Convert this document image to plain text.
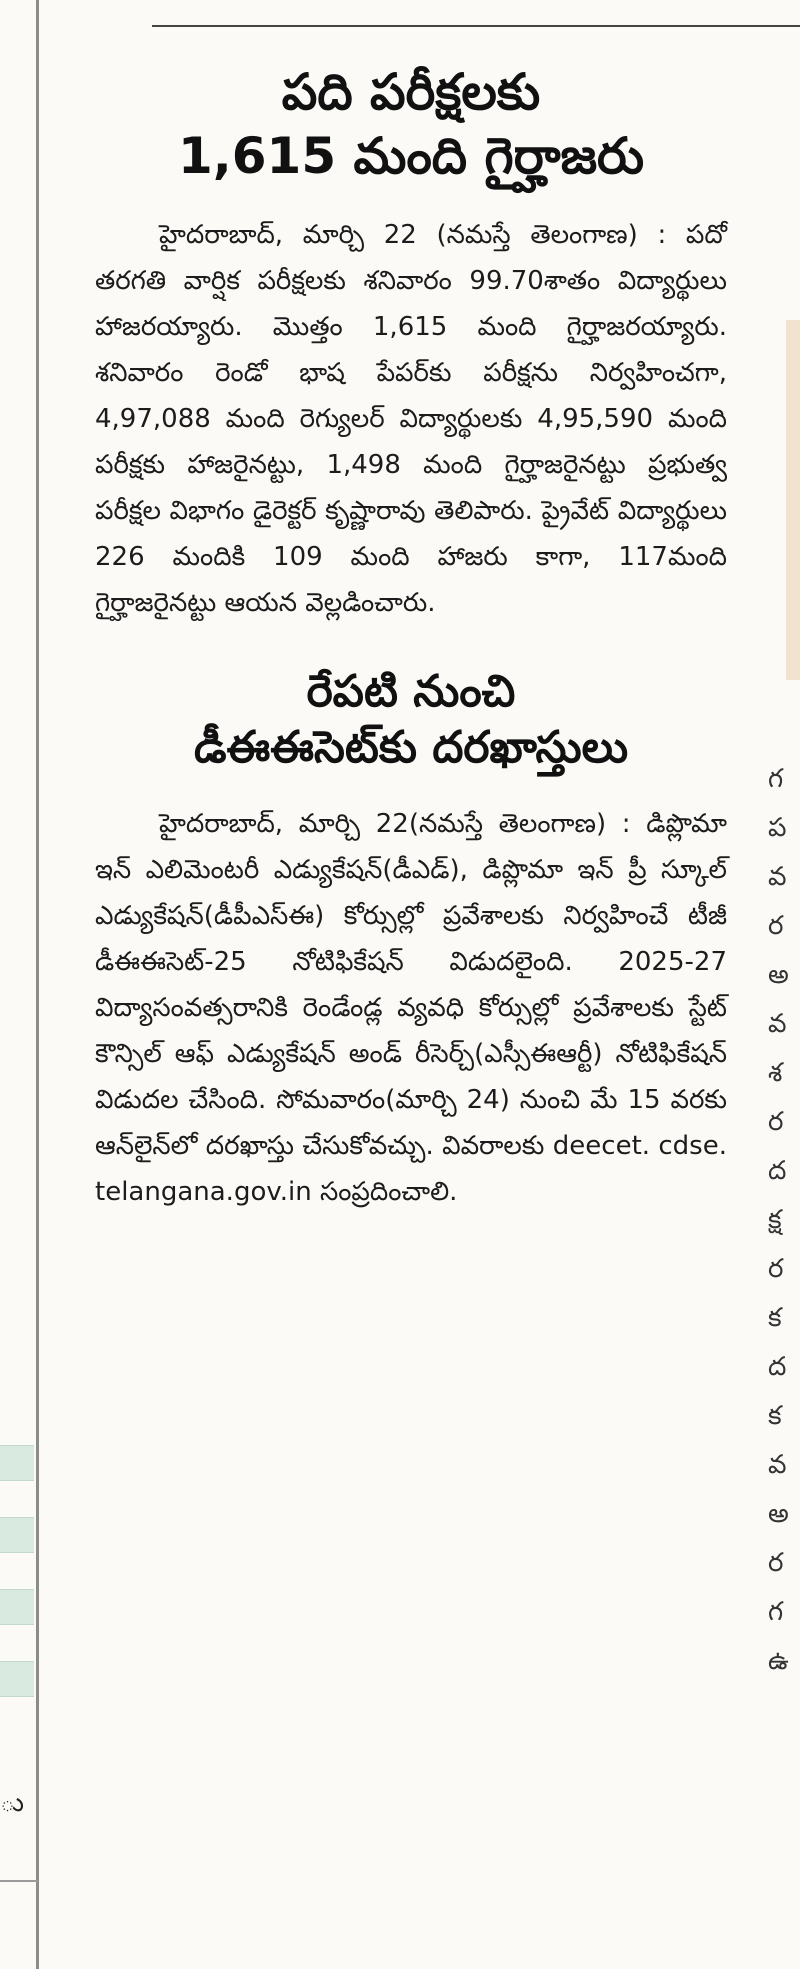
పది పరీక్షలకు
1,615 మంది గైర్హాజరు

హైదరాబాద్‌, మార్చి 22 (నమస్తే తెలంగాణ) : పదో తరగతి వార్షిక పరీక్షలకు శనివారం 99.70శాతం విద్యార్థులు హాజరయ్యారు. మొత్తం 1,615 మంది గైర్హాజరయ్యారు. శనివారం రెండో భాష పేపర్‌కు పరీక్షను నిర్వహించగా, 4,97,088 మంది రెగ్యులర్‌ విద్యార్థులకు 4,95,590 మంది పరీక్షకు హాజరైనట్టు, 1,498 మంది గైర్హాజరైనట్టు ప్రభుత్వ పరీక్షల విభాగం డైరెక్టర్‌ కృష్ణారావు తెలిపారు. ప్రైవేట్‌ విద్యార్థులు 226 మందికి 109 మంది హాజరు కాగా, 117మంది గైర్హాజరైనట్టు ఆయన వెల్లడించారు.

రేపటి నుంచి
డీఈఈసెట్‌కు దరఖాస్తులు

హైదరాబాద్‌, మార్చి 22(నమస్తే తెలంగాణ) : డిప్లొమా ఇన్‌ ఎలిమెంటరీ ఎడ్యుకేషన్‌(డీఎడ్‌), డిప్లొమా ఇన్‌ ప్రీ స్కూల్‌ ఎడ్యుకేషన్‌(డీపీఎస్‌ఈ) కోర్సుల్లో ప్రవేశాలకు నిర్వహించే టీజీ డీఈఈసెట్‌-25 నోటిఫికేషన్‌ విడుదలైంది. 2025-27 విద్యాసంవత్సరానికి రెండేండ్ల వ్యవధి కోర్సుల్లో ప్రవేశాలకు స్టేట్‌ కౌన్సిల్‌ ఆఫ్‌ ఎడ్యుకేషన్‌ అండ్‌ రీసెర్చ్‌(ఎస్సీఈఆర్టీ) నోటిఫికేషన్‌ విడుదల చేసింది. సోమవారం(మార్చి 24) నుంచి మే 15 వరకు ఆన్‌లైన్‌లో దరఖాస్తు చేసుకోవచ్చు. వివరాలకు deecet. cdse. telangana.gov.in సంప్రదించాలి.

గ
ప
వ
ర
అ
వ
శ
ర
ద
క్ష
ర
క
ద
క
వ
అ
ర
గ
ఉ
ు
